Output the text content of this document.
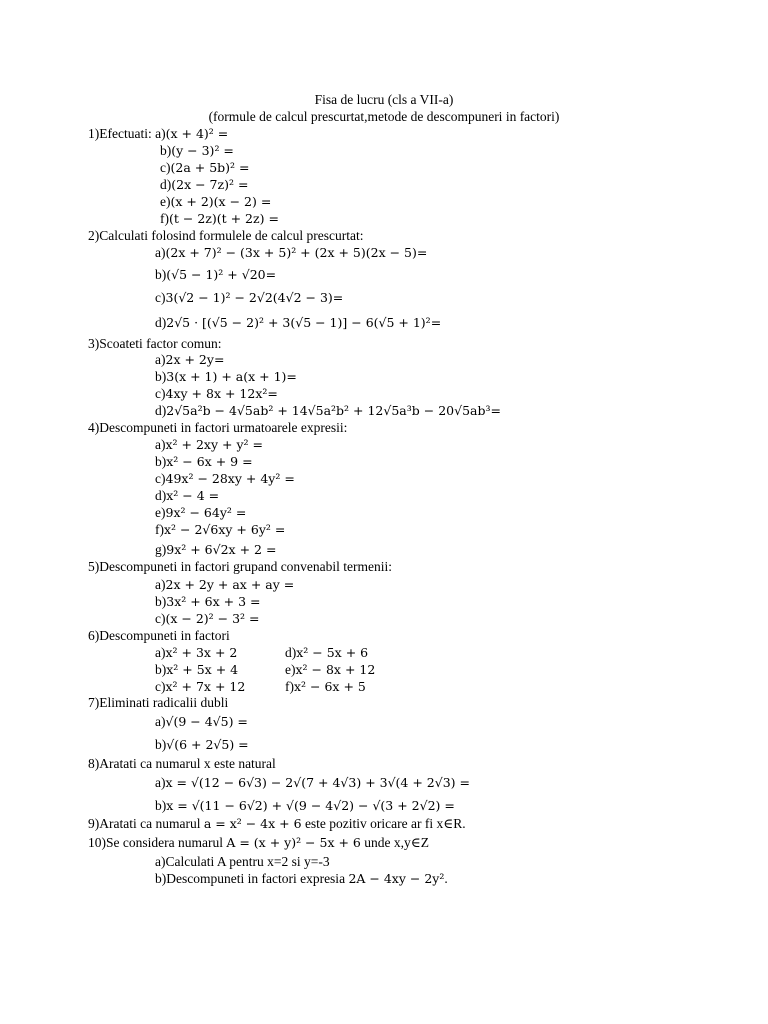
Fisa de lucru (cls a VII-a)
(formule de calcul prescurtat,metode de descompuneri in factori)
1)Efectuati: a)(x + 4)² =
b)(y − 3)² =
c)(2a + 5b)² =
d)(2x − 7z)² =
e)(x + 2)(x − 2) =
f)(t − 2z)(t + 2z) =
2)Calculati folosind formulele de calcul prescurtat:
a)(2x + 7)² − (3x + 5)² + (2x + 5)(2x − 5)=
b)(√5 − 1)² + √20=
c)3(√2 − 1)² − 2√2(4√2 − 3)=
d)2√5 · [(√5 − 2)² + 3(√5 − 1)] − 6(√5 + 1)²=
3)Scoateti factor comun:
a)2x + 2y=
b)3(x + 1) + a(x + 1)=
c)4xy + 8x + 12x²=
d)2√5a²b − 4√5ab² + 14√5a²b² + 12√5a³b − 20√5ab³=
4)Descompuneti in factori urmatoarele expresii:
a)x² + 2xy + y² =
b)x² − 6x + 9 =
c)49x² − 28xy + 4y² =
d)x² − 4 =
e)9x² − 64y² =
f)x² − 2√6xy + 6y² =
g)9x² + 6√2x + 2 =
5)Descompuneti in factori grupand convenabil termenii:
a)2x + 2y + ax + ay =
b)3x² + 6x + 3 =
c)(x − 2)² − 3² =
6)Descompuneti in factori
a)x² + 3x + 2
b)x² + 5x + 4
c)x² + 7x + 12
d)x² − 5x + 6
e)x² − 8x + 12
f)x² − 6x + 5
7)Eliminati radicalii dubli
a)√(9 − 4√5) =
b)√(6 + 2√5) =
8)Aratati ca numarul x este natural
a)x = √(12 − 6√3) − 2√(7 + 4√3) + 3√(4 + 2√3) =
b)x = √(11 − 6√2) + √(9 − 4√2) − √(3 + 2√2) =
9)Aratati ca numarul a = x² − 4x + 6 este pozitiv oricare ar fi x∈R.
10)Se considera numarul A = (x + y)² − 5x + 6 unde x,y∈Z
a)Calculati A pentru x=2 si y=-3
b)Descompuneti in factori expresia 2A − 4xy − 2y².
